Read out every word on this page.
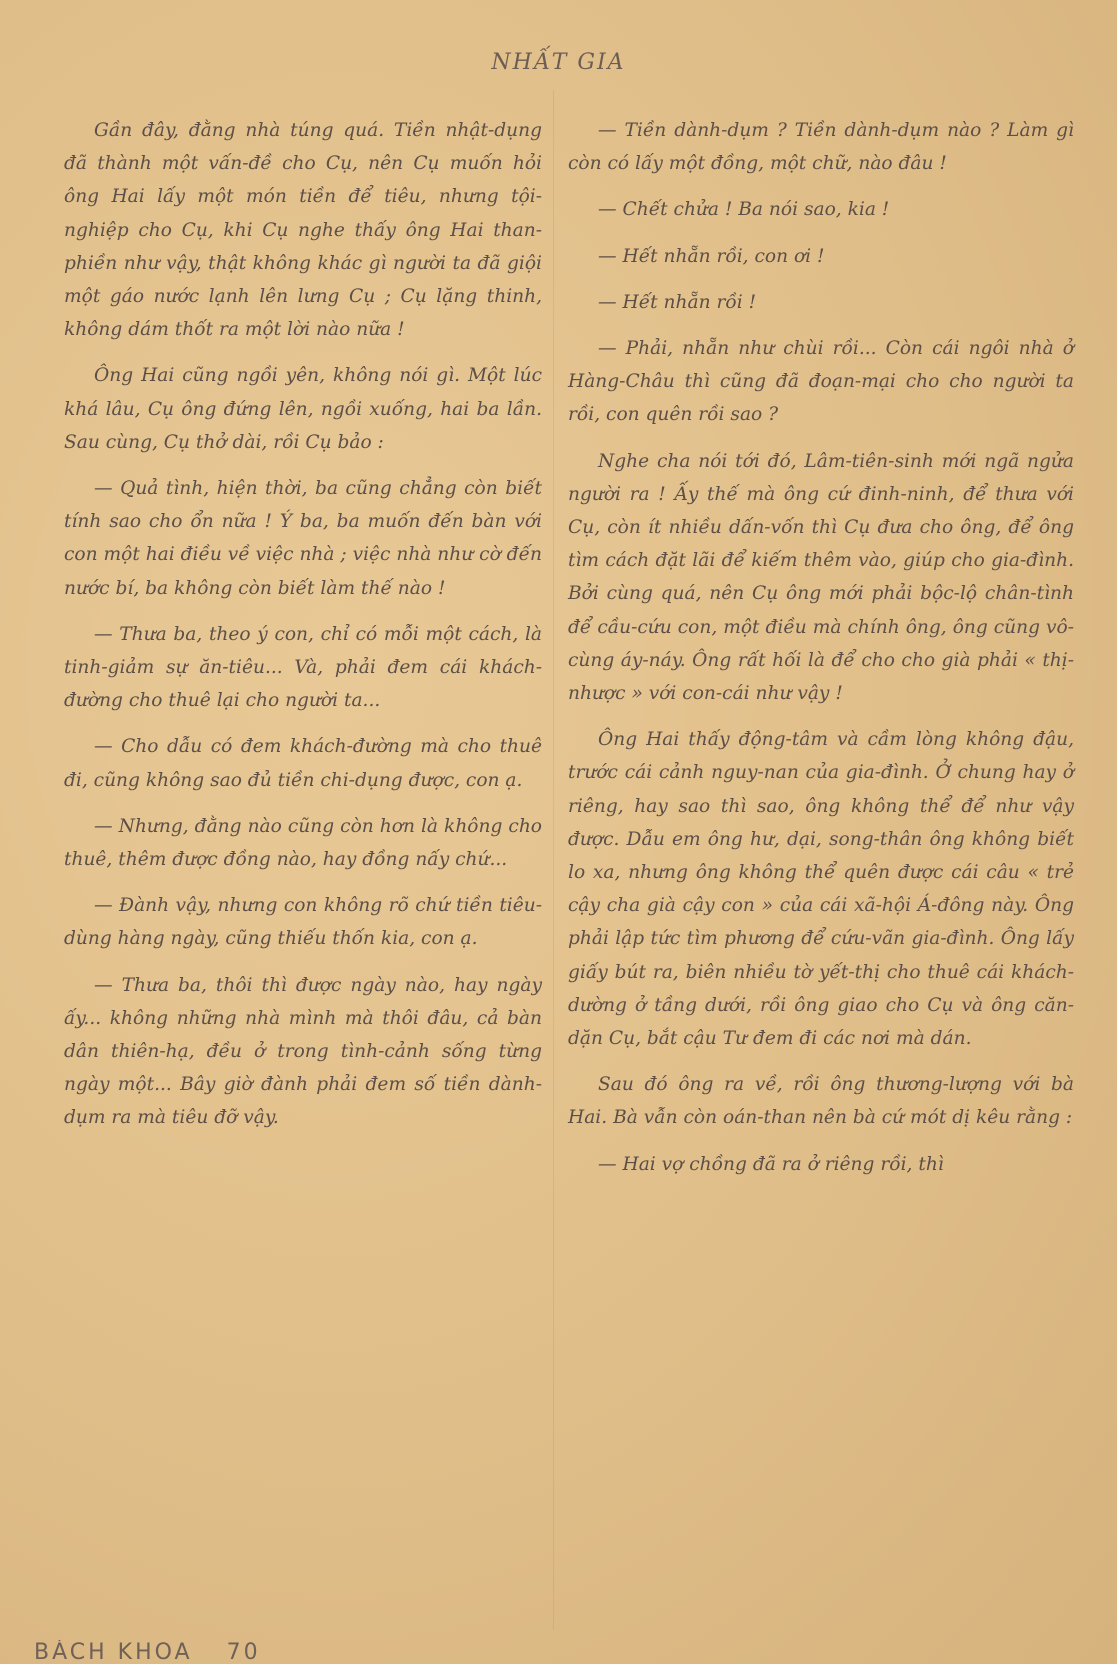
NHẤT GIA

Gần đây, đằng nhà túng quá. Tiền nhật-dụng đã thành một vấn-đề cho Cụ, nên Cụ muốn hỏi ông Hai lấy một món tiền để tiêu, nhưng tội-nghiệp cho Cụ, khi Cụ nghe thấy ông Hai than-phiền như vậy, thật không khác gì người ta đã giội một gáo nước lạnh lên lưng Cụ ; Cụ lặng thinh, không dám thốt ra một lời nào nữa !

Ông Hai cũng ngồi yên, không nói gì. Một lúc khá lâu, Cụ ông đứng lên, ngồi xuống, hai ba lần. Sau cùng, Cụ thở dài, rồi Cụ bảo :

— Quả tình, hiện thời, ba cũng chẳng còn biết tính sao cho ổn nữa ! Ý ba, ba muốn đến bàn với con một hai điều về việc nhà ; việc nhà như cờ đến nước bí, ba không còn biết làm thế nào !

— Thưa ba, theo ý con, chỉ có mỗi một cách, là tinh-giảm sự ăn-tiêu... Và, phải đem cái khách-đường cho thuê lại cho người ta...

— Cho dẫu có đem khách-đường mà cho thuê đi, cũng không sao đủ tiền chi-dụng được, con ạ.

— Nhưng, đằng nào cũng còn hơn là không cho thuê, thêm được đồng nào, hay đồng nấy chứ...

— Đành vậy, nhưng con không rõ chứ tiền tiêu-dùng hàng ngày, cũng thiếu thốn kia, con ạ.

— Thưa ba, thôi thì được ngày nào, hay ngày ấy... không những nhà mình mà thôi đâu, cả bàn dân thiên-hạ, đều ở trong tình-cảnh sống từng ngày một... Bây giờ đành phải đem số tiền dành-dụm ra mà tiêu đỡ vậy.

— Tiền dành-dụm ? Tiền dành-dụm nào ? Làm gì còn có lấy một đồng, một chữ, nào đâu !

— Chết chửa ! Ba nói sao, kia !

— Hết nhẵn rồi, con ơi !

— Hết nhẵn rồi !

— Phải, nhẵn như chùi rồi... Còn cái ngôi nhà ở Hàng-Châu thì cũng đã đoạn-mại cho cho người ta rồi, con quên rồi sao ?

Nghe cha nói tới đó, Lâm-tiên-sinh mới ngã ngửa người ra ! Ấy thế mà ông cứ đinh-ninh, để thưa với Cụ, còn ít nhiều dấn-vốn thì Cụ đưa cho ông, để ông tìm cách đặt lãi để kiếm thêm vào, giúp cho gia-đình. Bởi cùng quá, nên Cụ ông mới phải bộc-lộ chân-tình để cầu-cứu con, một điều mà chính ông, ông cũng vô-cùng áy-náy. Ông rất hối là để cho cho già phải « thị-nhược » với con-cái như vậy !

Ông Hai thấy động-tâm và cầm lòng không đậu, trước cái cảnh nguy-nan của gia-đình. Ở chung hay ở riêng, hay sao thì sao, ông không thể để như vậy được. Dẫu em ông hư, dại, song-thân ông không biết lo xa, nhưng ông không thể quên được cái câu « trẻ cậy cha già cậy con » của cái xã-hội Á-đông này. Ông phải lập tức tìm phương để cứu-vãn gia-đình. Ông lấy giấy bút ra, biên nhiều tờ yết-thị cho thuê cái khách-dường ở tầng dưới, rồi ông giao cho Cụ và ông căn-dặn Cụ, bắt cậu Tư đem đi các nơi mà dán.

Sau đó ông ra về, rồi ông thương-lượng với bà Hai. Bà vẫn còn oán-than nên bà cứ mót dị kêu rằng :

— Hai vợ chồng đã ra ở riêng rồi, thì

BÁCH KHOA 70
